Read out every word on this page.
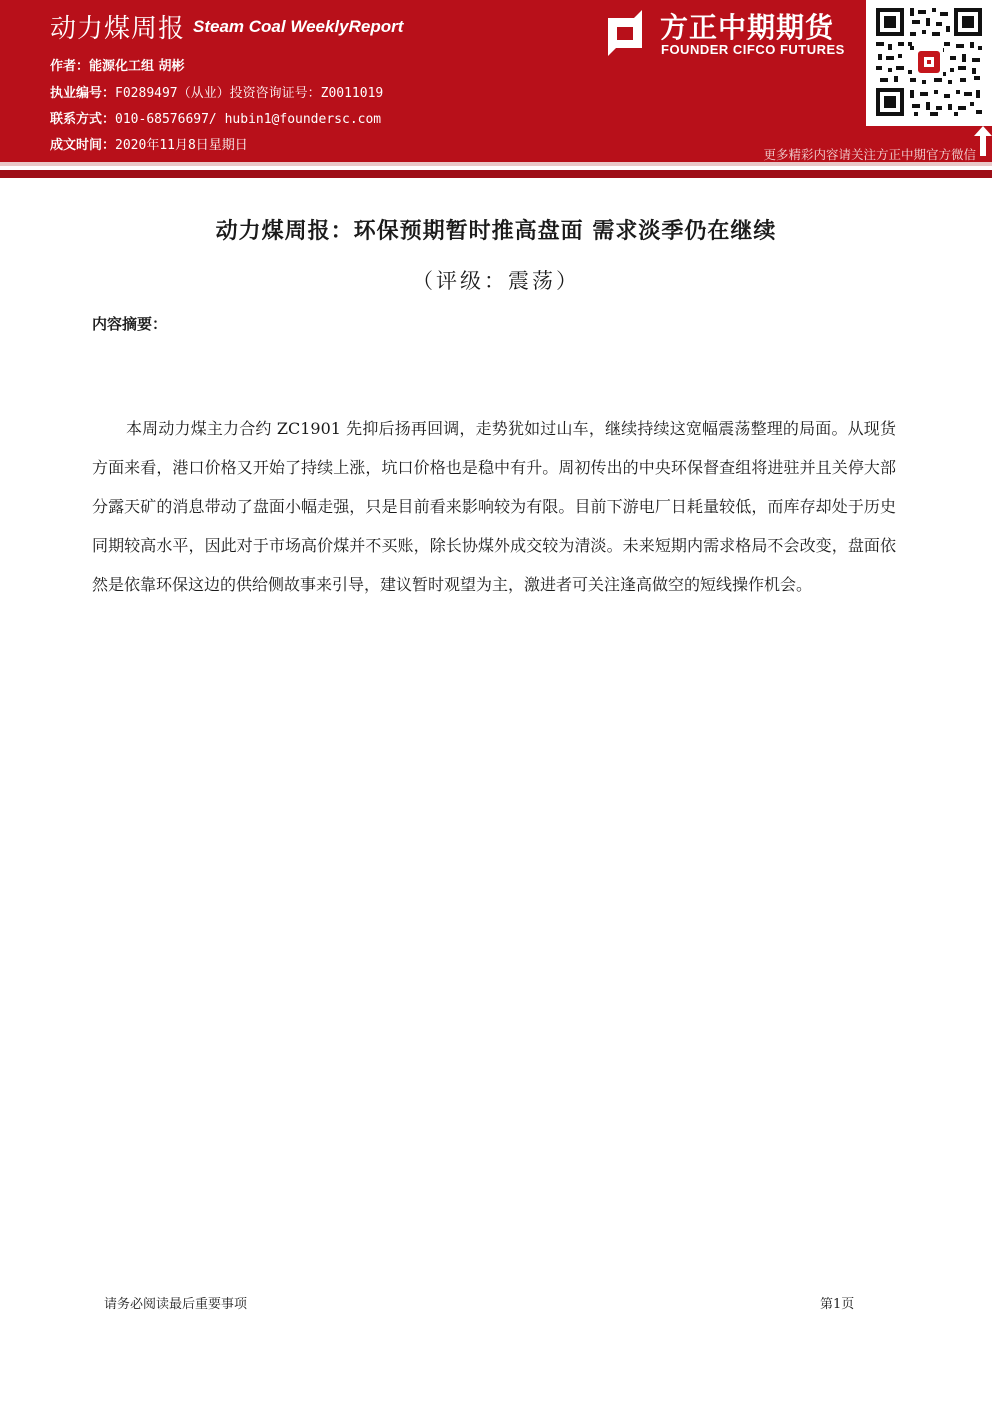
动力煤周报 Steam Coal WeeklyReport
作者：能源化工组 胡彬
执业编号：F0289497（从业）投资咨询证号：Z0011019
联系方式：010-68576697/ hubin1@foundersc.com
成文时间：2020年11月8日星期日
方正中期期货
FOUNDER CIFCO FUTURES
更多精彩内容请关注方正中期官方微信
动力煤周报：环保预期暂时推高盘面 需求淡季仍在继续
（评级：震荡）
内容摘要：
本周动力煤主力合约 ZC1901 先抑后扬再回调，走势犹如过山车，继续持续这宽幅震荡整理的局面。从现货方面来看，港口价格又开始了持续上涨，坑口价格也是稳中有升。周初传出的中央环保督查组将进驻并且关停大部分露天矿的消息带动了盘面小幅走强，只是目前看来影响较为有限。目前下游电厂日耗量较低，而库存却处于历史同期较高水平，因此对于市场高价煤并不买账，除长协煤外成交较为清淡。未来短期内需求格局不会改变，盘面依然是依靠环保这边的供给侧故事来引导，建议暂时观望为主，激进者可关注逢高做空的短线操作机会。
请务必阅读最后重要事项	第1页
